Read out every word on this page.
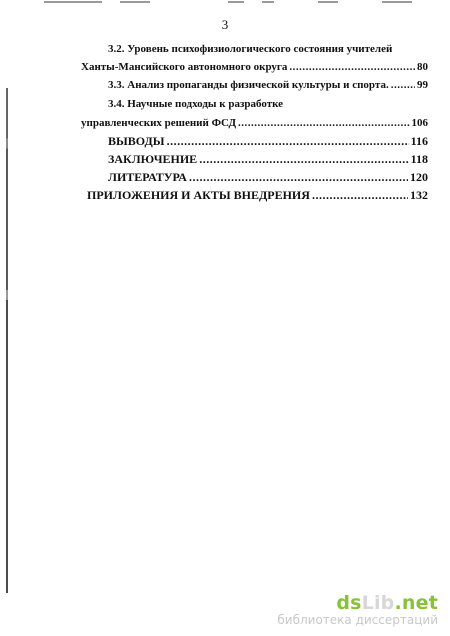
3
3.2. Уровень психофизиологического состояния учителей
Ханты-Мансийского автономного округа .....	80
3.3. Анализ пропаганды физической культуры и спорта. .....	99
3.4. Научные подходы к разработке
управленческих решений ФСД .....	106
ВЫВОДЫ .....	116
ЗАКЛЮЧЕНИЕ .....	118
ЛИТЕРАТУРА .....	120
ПРИЛОЖЕНИЯ И АКТЫ ВНЕДРЕНИЯ .....	132
dsLib.net
библиотека диссертаций
